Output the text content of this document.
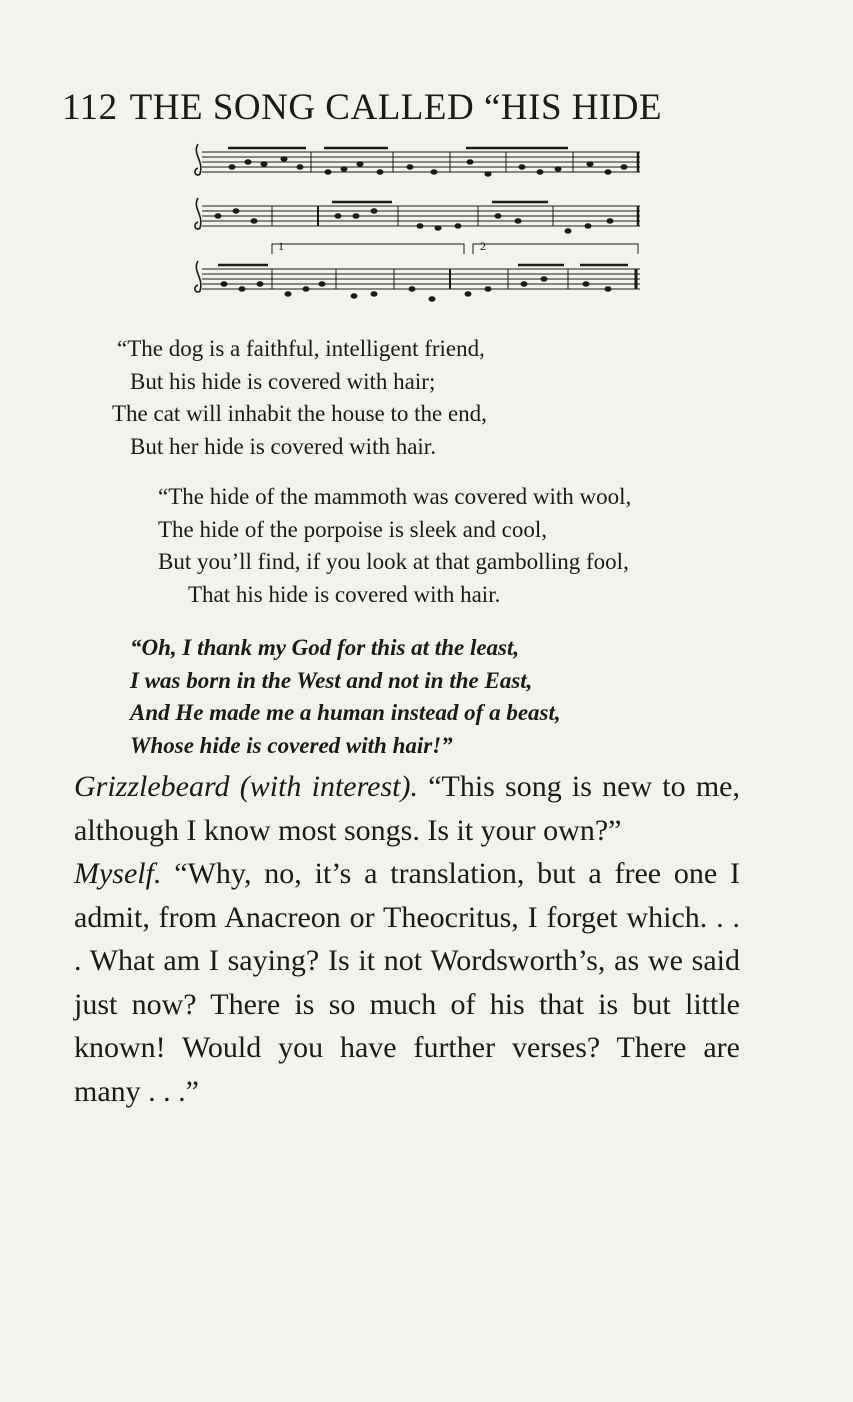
112 THE SONG CALLED “HIS HIDE
1	2
“The dog is a faithful, intelligent friend,
But his hide is covered with hair;
The cat will inhabit the house to the end,
But her hide is covered with hair.
“The hide of the mammoth was covered with wool,
The hide of the porpoise is sleek and cool,
But you’ll find, if you look at that gambolling fool,
That his hide is covered with hair.
“Oh, I thank my God for this at the least,
I was born in the West and not in the East,
And He made me a human instead of a beast,
Whose hide is covered with hair!”

Grizzlebeard (with interest). “This song is new to me, although I know most songs. Is it your own?”

Myself. “Why, no, it’s a translation, but a free one I admit, from Anacreon or Theocritus, I forget which. . . . What am I saying? Is it not Wordsworth’s, as we said just now? There is so much of his that is but little known! Would you have further verses? There are many . . .”
